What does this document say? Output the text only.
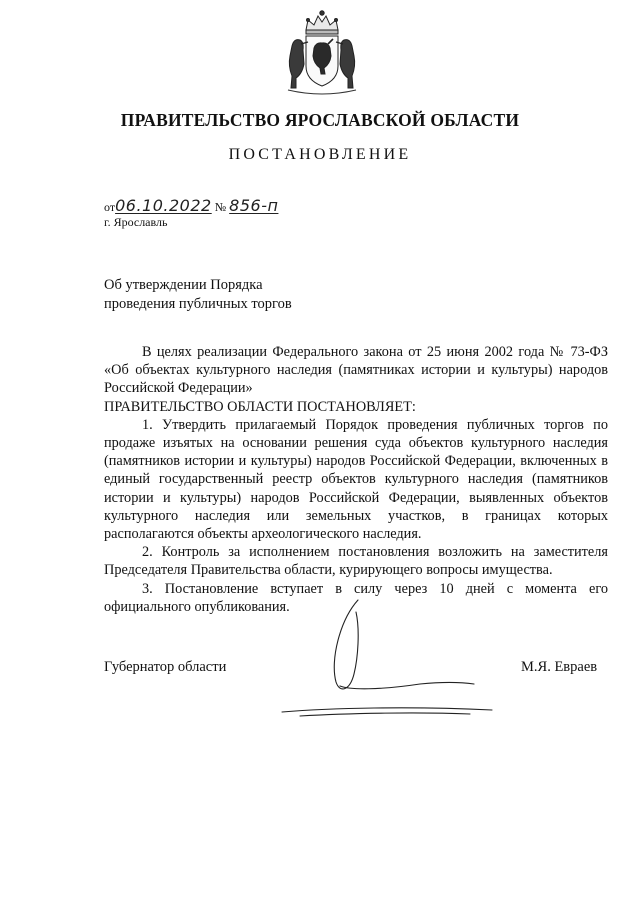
ПРАВИТЕЛЬСТВО ЯРОСЛАВСКОЙ ОБЛАСТИ
ПОСТАНОВЛЕНИЕ
от06.10.2022 № 856-п
г. Ярославль
Об утверждении Порядка
проведения публичных торгов

В целях реализации Федерального закона от 25 июня 2002 года № 73-ФЗ «Об объектах культурного наследия (памятниках истории и культуры) народов Российской Федерации»

ПРАВИТЕЛЬСТВО ОБЛАСТИ ПОСТАНОВЛЯЕТ:

1. Утвердить прилагаемый Порядок проведения публичных торгов по продаже изъятых на основании решения суда объектов культурного наследия (памятников истории и культуры) народов Российской Федерации, включенных в единый государственный реестр объектов культурного наследия (памятников истории и культуры) народов Российской Федерации, выявленных объектов культурного наследия или земельных участков, в границах которых располагаются объекты археологического наследия.

2. Контроль за исполнением постановления возложить на заместителя Председателя Правительства области, курирующего вопросы имущества.

3. Постановление вступает в силу через 10 дней с момента его официального опубликования.

Губернатор области	М.Я. Евраев
